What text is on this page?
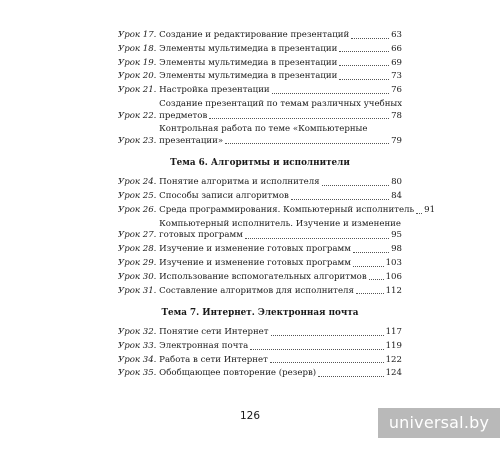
Урок 17.
Создание и редактирование презентаций	63
Урок 18.
Элементы мультимедиа в презентации	66
Урок 19.
Элементы мультимедиа в презентации	69
Урок 20.
Элементы мультимедиа в презентации	73
Урок 21.
Настройка презентации	76
Урок 22.

Создание презентаций по темам различных учебных
предметов	78
Урок 23.

Контрольная работа по теме «Компьютерные
презентации»	79
Тема 6. Алгоритмы и исполнители
Урок 24.
Понятие алгоритма и исполнителя	80
Урок 25.
Способы записи алгоритмов	84
Урок 26.
Среда программирования. Компьютерный исполнитель 91
Урок 27.

Компьютерный исполнитель. Изучение и изменение
готовых программ	95
Урок 28.
Изучение и изменение готовых программ	98
Урок 29.
Изучение и изменение готовых программ	103
Урок 30.
Использование вспомогательных алгоритмов 106
Урок 31.
Составление алгоритмов для исполнителя	112
Тема 7. Интернет. Электронная почта
Урок 32.
Понятие сети Интернет	117
Урок 33.
Электронная почта	119
Урок 34.
Работа в сети Интернет	122
Урок 35.
Обобщающее повторение (резерв)	124
126	universal.by
